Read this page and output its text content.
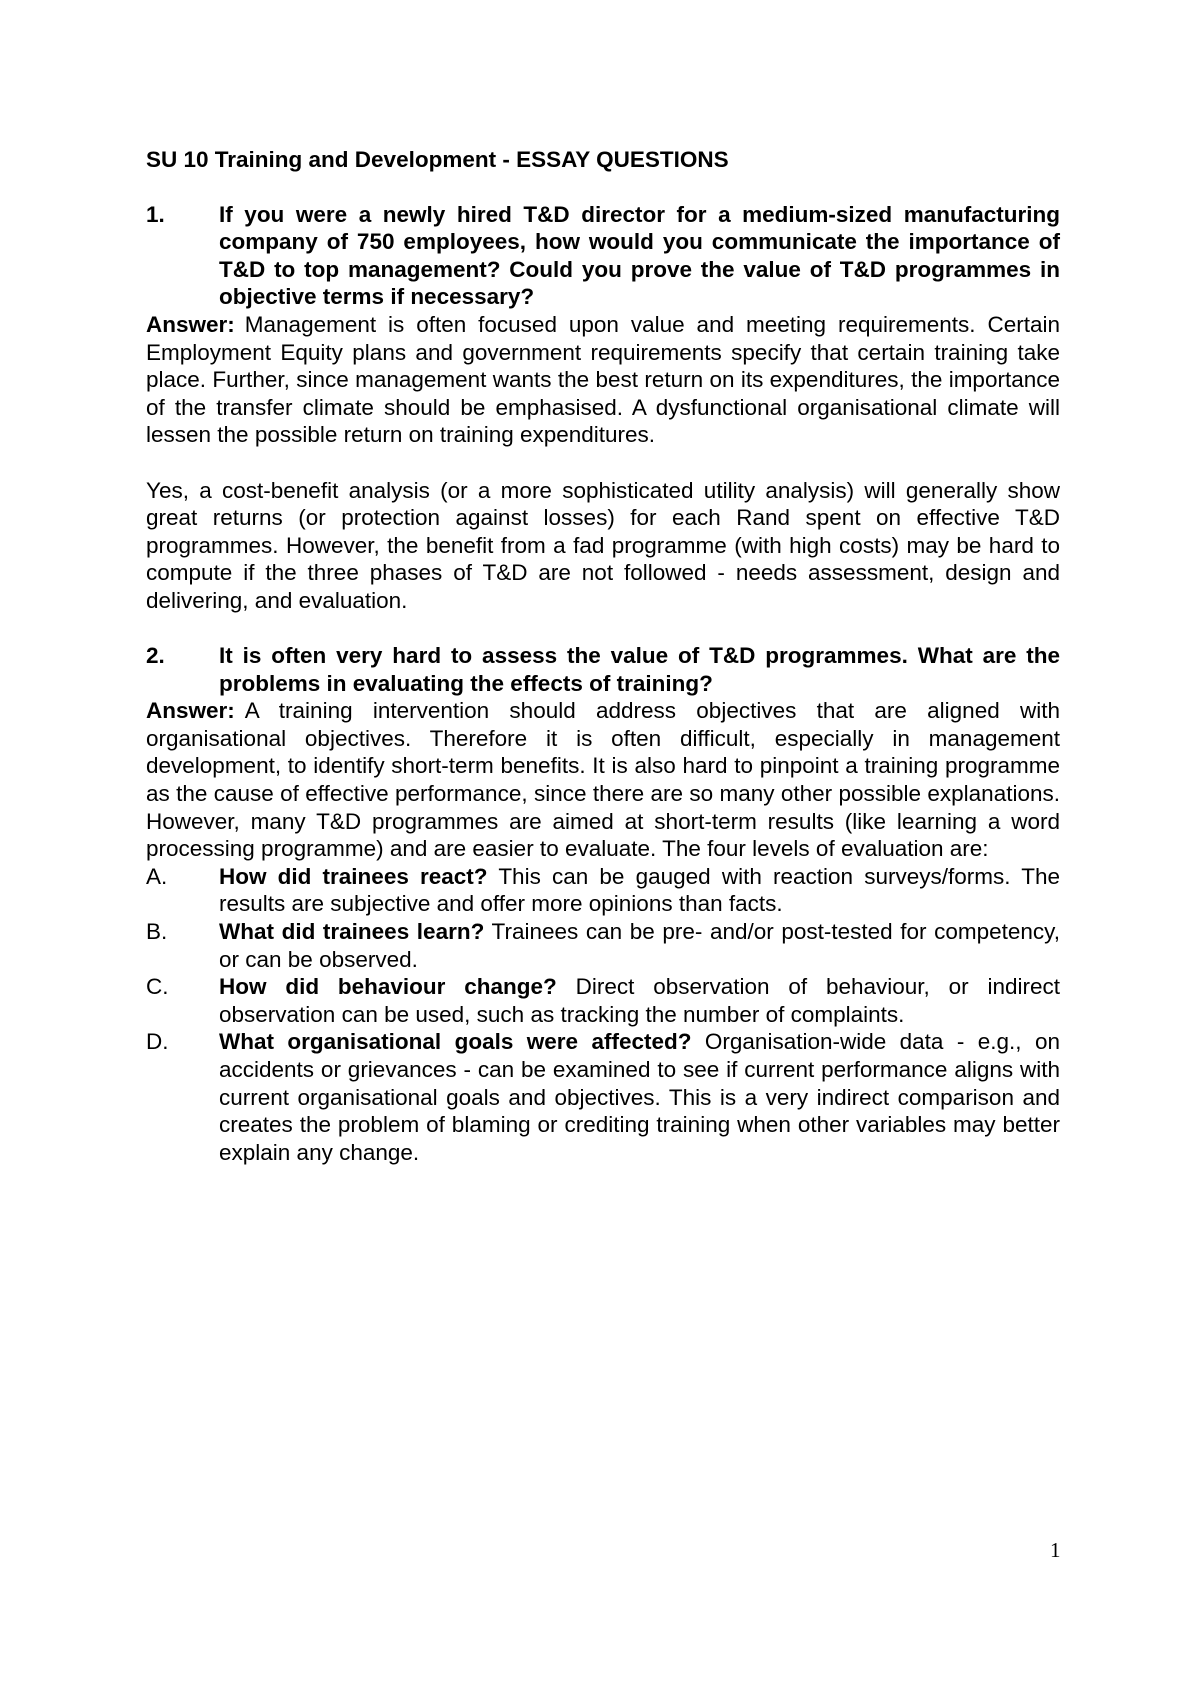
SU 10 Training and Development - ESSAY QUESTIONS

1. If you were a newly hired T&D director for a medium-sized manufacturing company of 750 employees, how would you communicate the importance of T&D to top management? Could you prove the value of T&D programmes in objective terms if necessary?

Answer: Management is often focused upon value and meeting requirements. Certain Employment Equity plans and government requirements specify that certain training take place. Further, since management wants the best return on its expenditures, the importance of the transfer climate should be emphasised. A dysfunctional organisational climate will lessen the possible return on training expenditures.

Yes, a cost-benefit analysis (or a more sophisticated utility analysis) will generally show great returns (or protection against losses) for each Rand spent on effective T&D programmes. However, the benefit from a fad programme (with high costs) may be hard to compute if the three phases of T&D are not followed - needs assessment, design and delivering, and evaluation.

2. It is often very hard to assess the value of T&D programmes. What are the problems in evaluating the effects of training?

Answer: A training intervention should address objectives that are aligned with organisational objectives. Therefore it is often difficult, especially in management development, to identify short-term benefits. It is also hard to pinpoint a training programme as the cause of effective performance, since there are so many other possible explanations. However, many T&D programmes are aimed at short-term results (like learning a word processing programme) and are easier to evaluate. The four levels of evaluation are:

A. How did trainees react? This can be gauged with reaction surveys/forms. The results are subjective and offer more opinions than facts.

B. What did trainees learn? Trainees can be pre- and/or post-tested for competency, or can be observed.

C. How did behaviour change? Direct observation of behaviour, or indirect observation can be used, such as tracking the number of complaints.

D. What organisational goals were affected? Organisation-wide data - e.g., on accidents or grievances - can be examined to see if current performance aligns with current organisational goals and objectives. This is a very indirect comparison and creates the problem of blaming or crediting training when other variables may better explain any change.

1
